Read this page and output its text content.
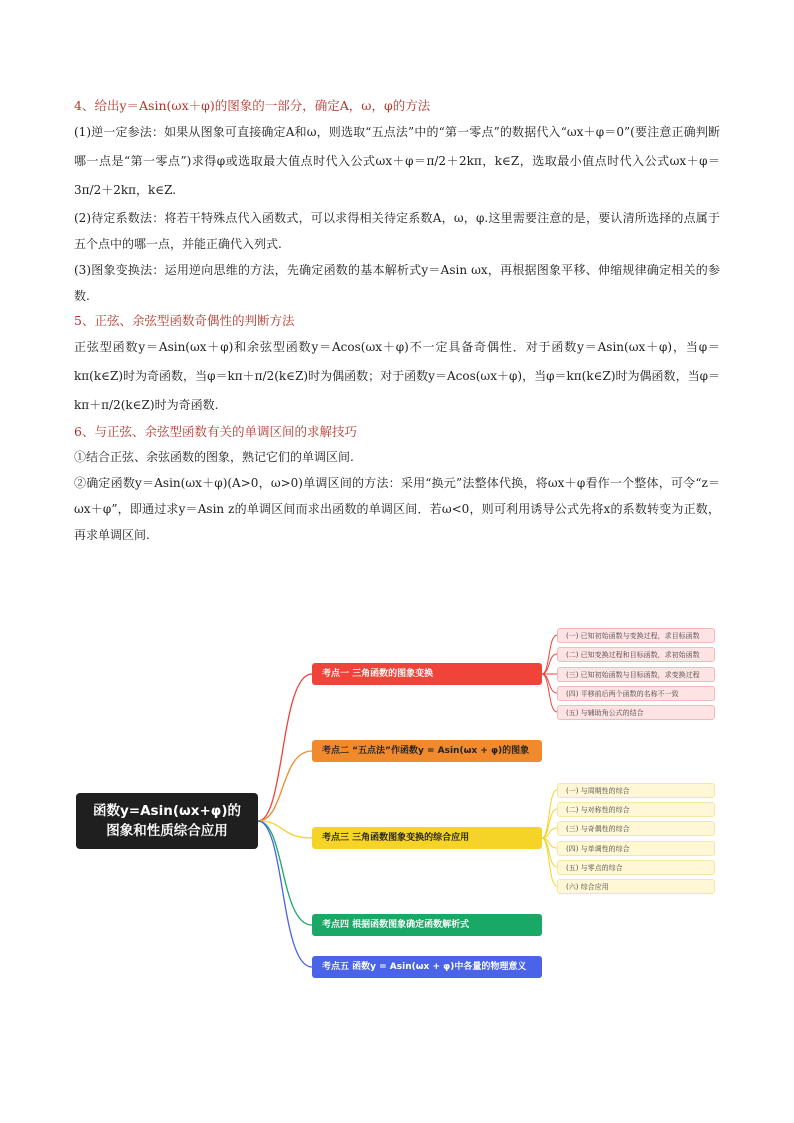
4、给出y＝Asin(ωx＋φ)的图象的一部分，确定A，ω，φ的方法

(1)逆一定参法：如果从图象可直接确定A和ω，则选取“五点法”中的“第一零点”的数据代入“ωx＋φ＝0”(要注意正确判断哪一点是“第一零点”)求得φ或选取最大值点时代入公式ωx＋φ＝π/2＋2kπ，k∈Z，选取最小值点时代入公式ωx＋φ＝3π/2＋2kπ，k∈Z.

(2)待定系数法：将若干特殊点代入函数式，可以求得相关待定系数A，ω，φ.这里需要注意的是，要认清所选择的点属于五个点中的哪一点，并能正确代入列式.

(3)图象变换法：运用逆向思维的方法，先确定函数的基本解析式y＝Asin ωx，再根据图象平移、伸缩规律确定相关的参数.

5、正弦、余弦型函数奇偶性的判断方法

正弦型函数y＝Asin(ωx＋φ)和余弦型函数y＝Acos(ωx＋φ)不一定具备奇偶性．对于函数y＝Asin(ωx＋φ)，当φ＝kπ(k∈Z)时为奇函数，当φ＝kπ＋π/2(k∈Z)时为偶函数；对于函数y＝Acos(ωx＋φ)，当φ＝kπ(k∈Z)时为偶函数，当φ＝kπ＋π/2(k∈Z)时为奇函数.

6、与正弦、余弦型函数有关的单调区间的求解技巧

①结合正弦、余弦函数的图象，熟记它们的单调区间.

②确定函数y＝Asin(ωx＋φ)(A>0，ω>0)单调区间的方法：采用“换元”法整体代换，将ωx＋φ看作一个整体，可令“z＝ωx＋φ”，即通过求y＝Asin z的单调区间而求出函数的单调区间．若ω<0，则可利用诱导公式先将x的系数转变为正数，再求单调区间.

函数y=Asin(ωx+φ)的
图象和性质综合应用
考点一 三角函数的图象变换
(一) 已知初始函数与变换过程，求目标函数
(二) 已知变换过程和目标函数，求初始函数
(三) 已知初始函数与目标函数，求变换过程
(四) 平移前后两个函数的名称不一致
(五) 与辅助角公式的结合
考点二 “五点法”作函数y = Asin(ωx + φ)的图象
考点三 三角函数图象变换的综合应用
(一) 与周期性的综合
(二) 与对称性的综合
(三) 与奇偶性的综合
(四) 与单调性的综合
(五) 与零点的综合
(六) 综合应用
考点四 根据函数图象确定函数解析式
考点五 函数y = Asin(ωx + φ)中各量的物理意义
